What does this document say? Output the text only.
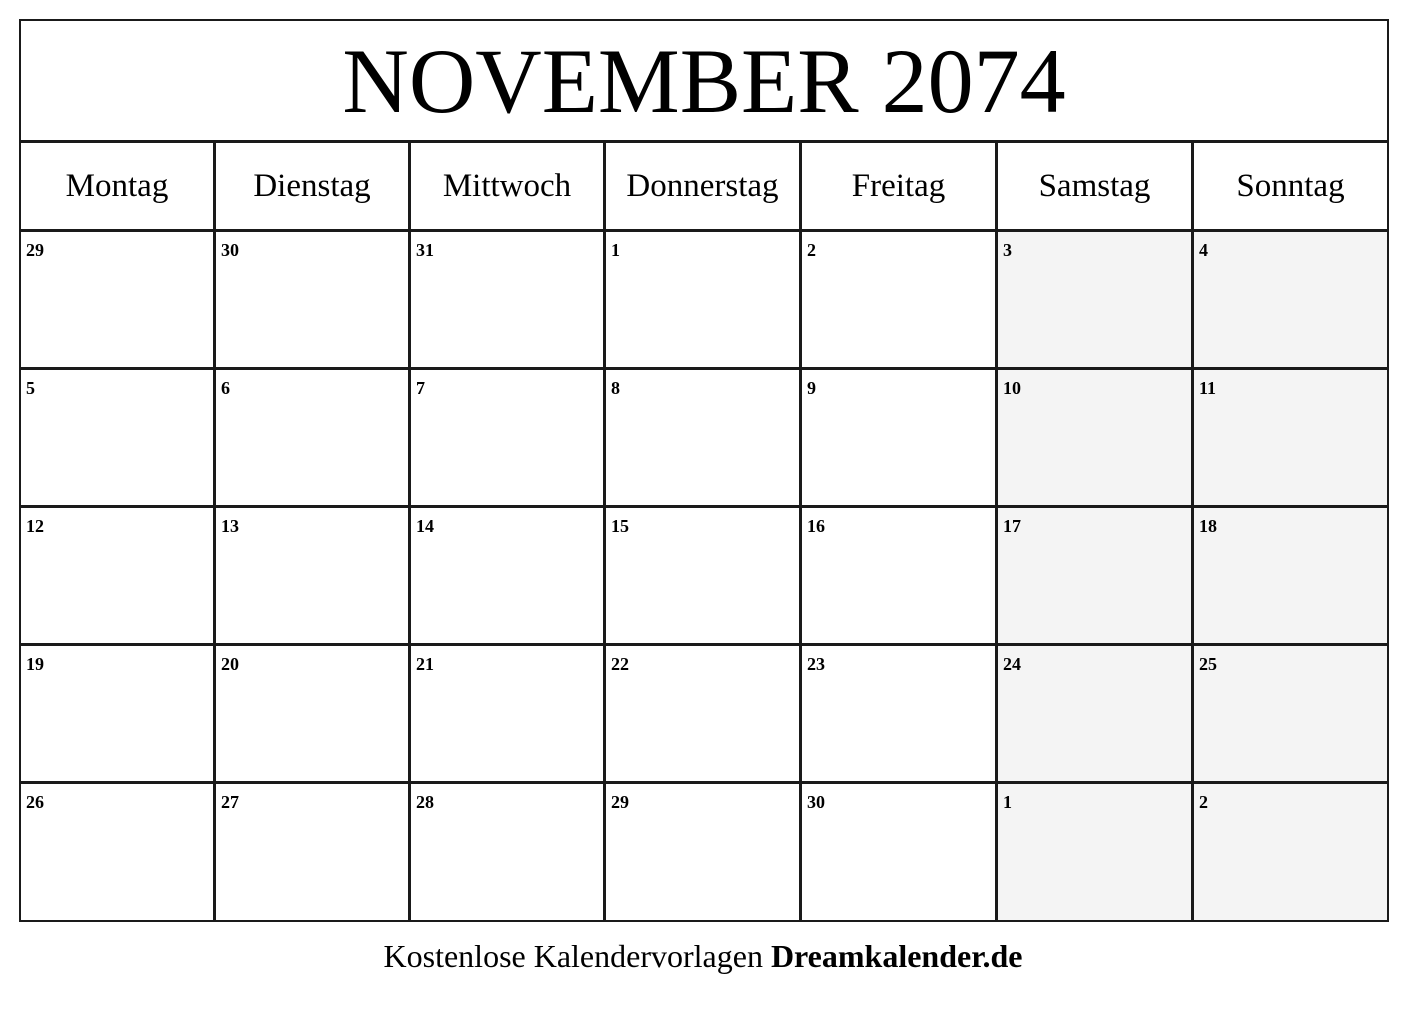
NOVEMBER 2074
Montag	Dienstag	Mittwoch	Donnerstag	Freitag	Samstag	Sonntag
29	30	31	1	2	3	4
5	6	7	8	9	10	11
12	13	14	15	16	17	18
19	20	21	22	23	24	25
26	27	28	29	30	1	2
Kostenlose Kalendervorlagen Dreamkalender.de
